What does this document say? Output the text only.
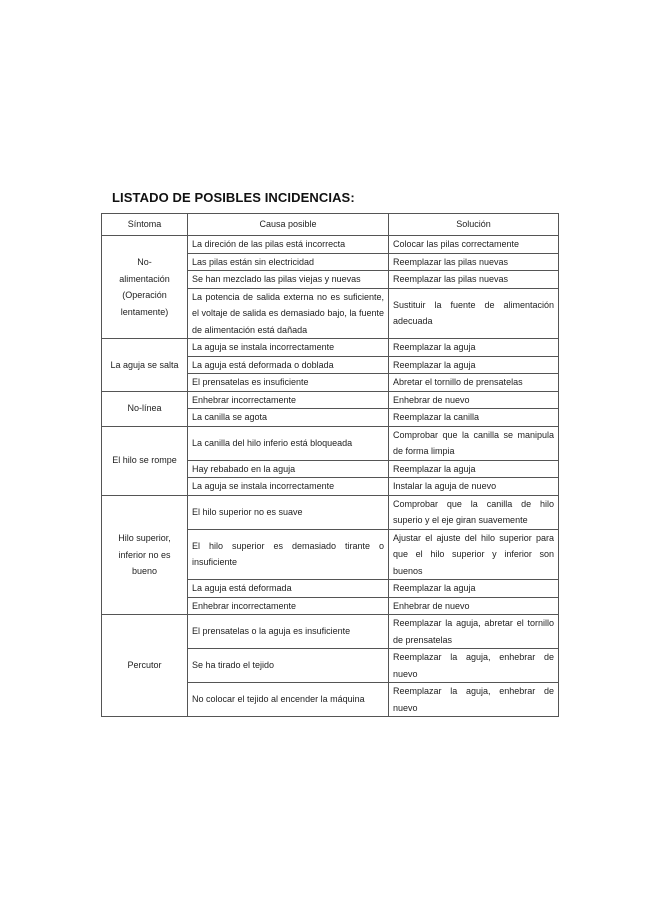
LISTADO DE POSIBLES INCIDENCIAS:
Síntoma	Causa posible	Solución
No-alimentación (Operación lentamente)	La direción de las pilas está incorrecta	Colocar las pilas correctamente
	Las pilas están sin electricidad	Reemplazar las pilas nuevas
	Se han mezclado las pilas viejas y nuevas	Reemplazar las pilas nuevas
	La potencia de salida externa no es suficiente, el voltaje de salida es demasiado bajo, la fuente de alimentación está dañada	Sustituir la fuente de alimentación adecuada
La aguja se salta	La aguja se instala incorrectamente	Reemplazar la aguja
	La aguja está deformada o doblada	Reemplazar la aguja
	El prensatelas es insuficiente	Abretar el tornillo de prensatelas
No-línea	Enhebrar incorrectamente	Enhebrar de nuevo
	La canilla se agota	Reemplazar la canilla
El hilo se rompe	La canilla del hilo inferio está bloqueada	Comprobar que la canilla se manipula de forma limpia
	Hay rebabado en la aguja	Reemplazar la aguja
	La aguja se instala incorrectamente	Instalar la aguja de nuevo
Hilo superior, inferior no es bueno	El hilo superior no es suave	Comprobar que la canilla de hilo superio y el eje giran suavemente
	El hilo superior es demasiado tirante o insuficiente	Ajustar el ajuste del hilo superior para que el hilo superior y inferior son buenos
	La aguja está deformada	Reemplazar la aguja
	Enhebrar incorrectamente	Enhebrar de nuevo
Percutor	El prensatelas o la aguja es insuficiente	Reemplazar la aguja, abretar el tornillo de prensatelas
	Se ha tirado el tejido	Reemplazar la aguja, enhebrar de nuevo
	No colocar el tejido al encender la máquina	Reemplazar la aguja, enhebrar de nuevo
